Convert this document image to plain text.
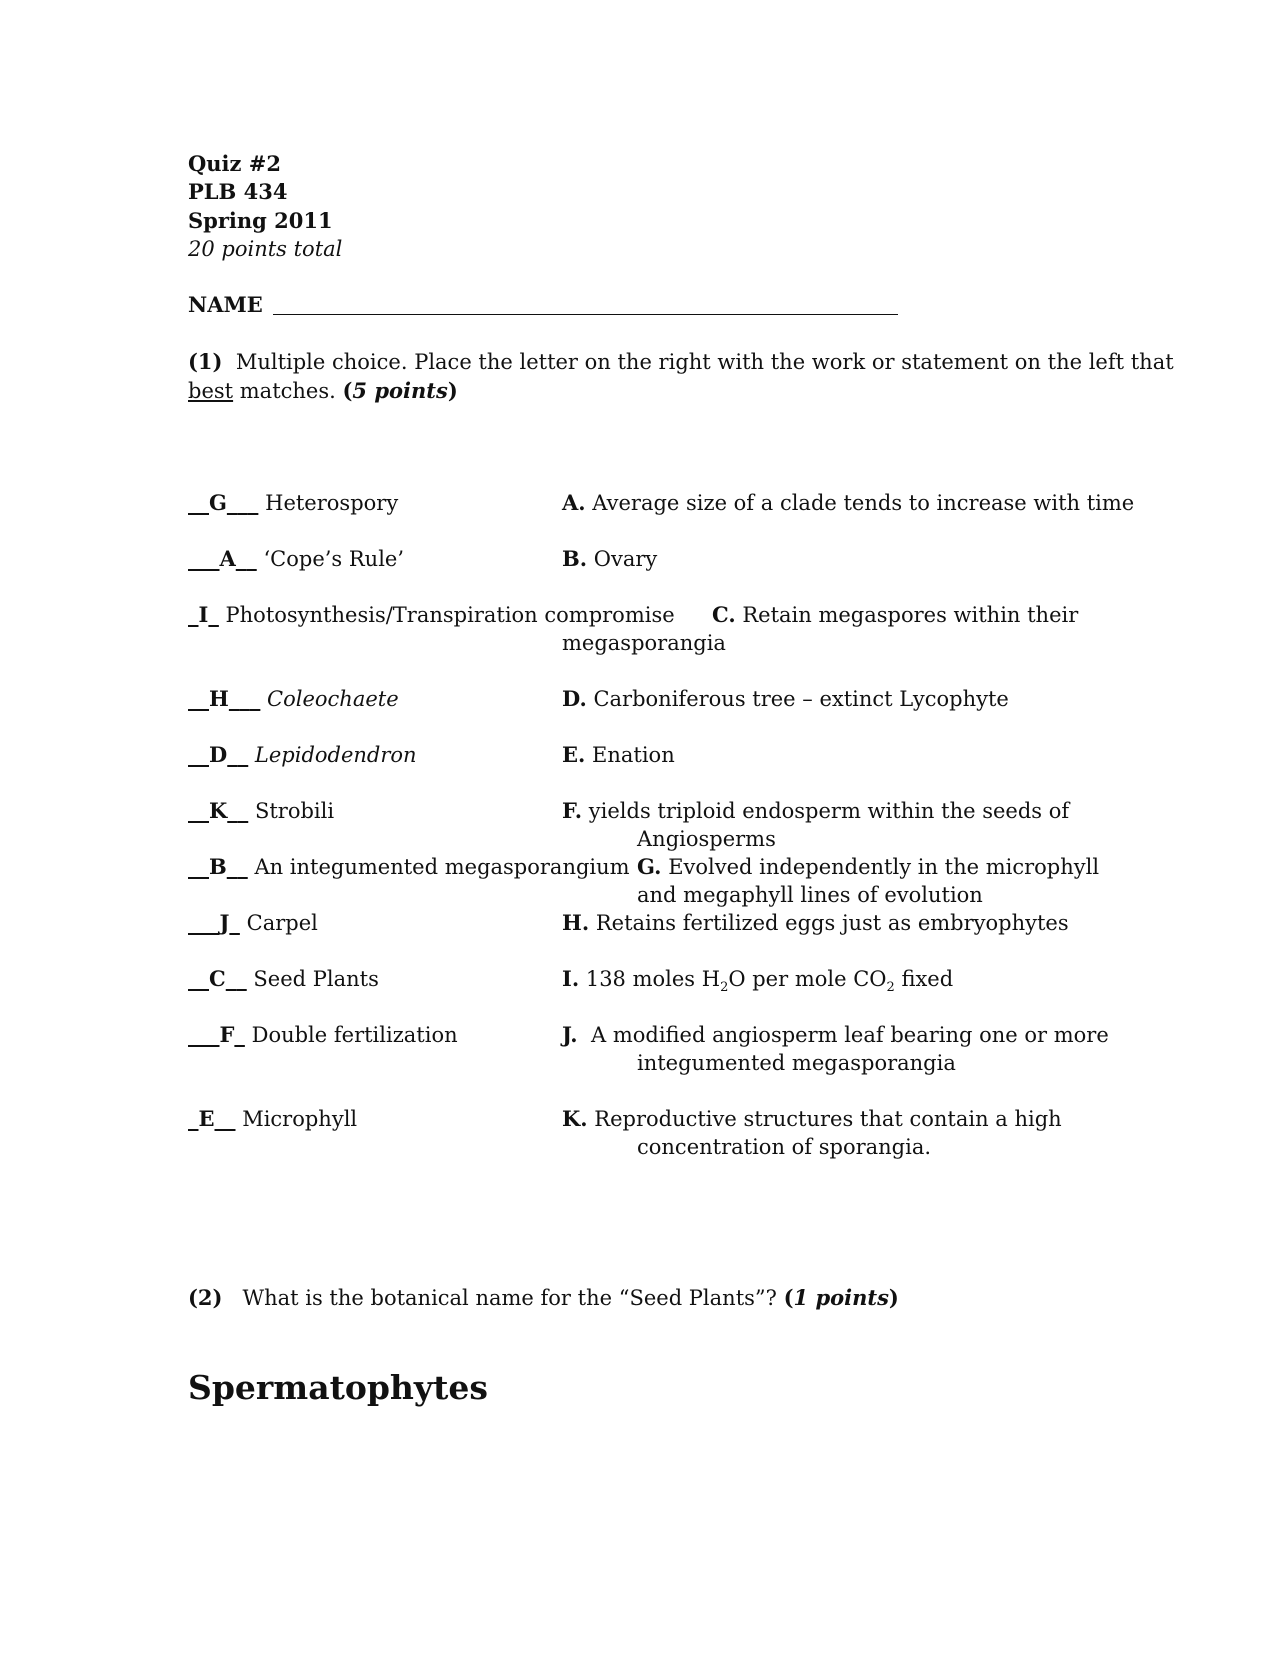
Quiz #2
PLB 434
Spring 2011
20 points total
NAME
(1) Multiple choice. Place the letter on the right with the work or statement on the left that
best matches. (5 points)
__G___ Heterospory
___A__ ‘Cope’s Rule’
_I_ Photosynthesis/Transpiration compromise
__H___ Coleochaete
__D__ Lepidodendron
__K__ Strobili
__B__ An integumented megasporangium
___J_ Carpel
__C__ Seed Plants
___F_ Double fertilization
_E__ Microphyll
A. Average size of a clade tends to increase with time
B. Ovary
C. Retain megaspores within their
megasporangia
D. Carboniferous tree – extinct Lycophyte
E. Enation
F. yields triploid endosperm within the seeds of
Angiosperms
G. Evolved independently in the microphyll
and megaphyll lines of evolution
H. Retains fertilized eggs just as embryophytes
I. 138 moles $H_2O$ per mole $CO_2$ fixed
J. A modified angiosperm leaf bearing one or more
integumented megasporangia
K. Reproductive structures that contain a high
concentration of sporangia.
(2) What is the botanical name for the “Seed Plants”? (1 points)
Spermatophytes
